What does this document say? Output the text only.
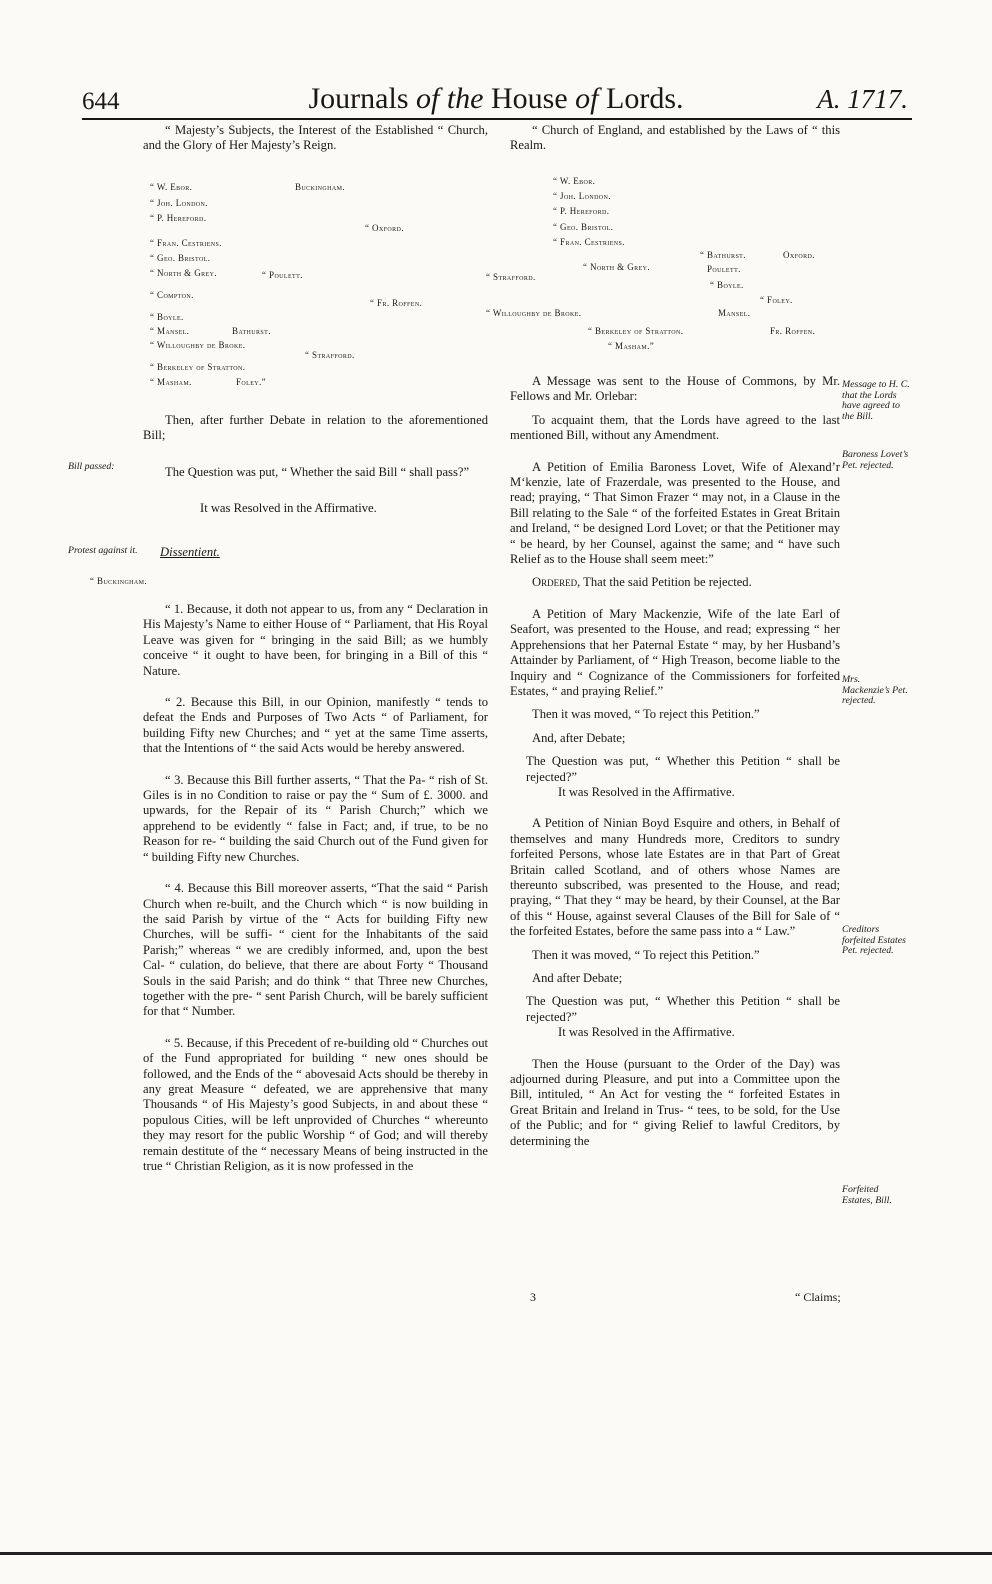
644	Journals of the House of Lords.	A. 1717.

“ Majesty’s Subjects, the Interest of the Established “ Church, and the Glory of Her Majesty’s Reign.

“ W. Ebor.	Buckingham.
“ Joh. London.
“ P. Hereford.
“ Oxford.
“ Fran. Cestriens.
“ Geo. Bristol.
“ North & Grey.	“ Poulett.
“ Compton.
“ Fr. Roffen.
“ Boyle.
“ Mansel.	Bathurst.
“ Willoughby de Broke.
“ Strafford.
“ Berkeley of Stratton.
“ Masham.	Foley.”

Then, after further Debate in relation to the aforementioned Bill;

The Question was put, “ Whether the said Bill “ shall pass?”

It was Resolved in the Affirmative.

Dissentient.

“ Buckingham.

“ 1. Because, it doth not appear to us, from any “ Declaration in His Majesty’s Name to either House of “ Parliament, that His Royal Leave was given for “ bringing in the said Bill; as we humbly conceive “ it ought to have been, for bringing in a Bill of this “ Nature.

“ 2. Because this Bill, in our Opinion, manifestly “ tends to defeat the Ends and Purposes of Two Acts “ of Parliament, for building Fifty new Churches; and “ yet at the same Time asserts, that the Intentions of “ the said Acts would be hereby answered.

“ 3. Because this Bill further asserts, “ That the Pa- “ rish of St. Giles is in no Condition to raise or pay the “ Sum of £. 3000. and upwards, for the Repair of its “ Parish Church;” which we apprehend to be evidently “ false in Fact; and, if true, to be no Reason for re- “ building the said Church out of the Fund given for “ building Fifty new Churches.

“ 4. Because this Bill moreover asserts, “That the said “ Parish Church when re-built, and the Church which “ is now building in the said Parish by virtue of the “ Acts for building Fifty new Churches, will be suffi- “ cient for the Inhabitants of the said Parish;” whereas “ we are credibly informed, and, upon the best Cal- “ culation, do believe, that there are about Forty “ Thousand Souls in the said Parish; and do think “ that Three new Churches, together with the pre- “ sent Parish Church, will be barely sufficient for that “ Number.

“ 5. Because, if this Precedent of re-building old “ Churches out of the Fund appropriated for building “ new ones should be followed, and the Ends of the “ abovesaid Acts should be thereby in any great Measure “ defeated, we are apprehensive that many Thousands “ of His Majesty’s good Subjects, in and about these “ populous Cities, will be left unprovided of Churches “ whereunto they may resort for the public Worship “ of God; and will thereby remain destitute of the “ necessary Means of being instructed in the true “ Christian Religion, as it is now professed in the

Bill passed:
Protest against it.

“ Church of England, and established by the Laws of “ this Realm.

“ W. Ebor.
“ Joh. London.
“ P. Hereford.
“ Geo. Bristol.
“ Fran. Cestriens.
“ Bathurst.	Oxford.
“ North & Grey.	Poulett.
“ Strafford.
“ Boyle.
“ Foley.
“ Willoughby de Broke.	Mansel.
“ Berkeley of Stratton.	Fr. Roffen.
“ Masham.”

A Message was sent to the House of Commons, by Mr. Fellows and Mr. Orlebar:

To acquaint them, that the Lords have agreed to the last mentioned Bill, without any Amendment.

A Petition of Emilia Baroness Lovet, Wife of Alexand’r M‘kenzie, late of Frazerdale, was presented to the House, and read; praying, “ That Simon Frazer “ may not, in a Clause in the Bill relating to the Sale “ of the forfeited Estates in Great Britain and Ireland, “ be designed Lord Lovet; or that the Petitioner may “ be heard, by her Counsel, against the same; and “ have such Relief as to the House shall seem meet:”

Ordered, That the said Petition be rejected.

A Petition of Mary Mackenzie, Wife of the late Earl of Seafort, was presented to the House, and read; expressing “ her Apprehensions that her Paternal Estate “ may, by her Husband’s Attainder by Parliament, of “ High Treason, become liable to the Inquiry and “ Cognizance of the Commissioners for forfeited Estates, “ and praying Relief.”

Then it was moved, “ To reject this Petition.”

And, after Debate;

The Question was put, “ Whether this Petition “ shall be rejected?”

It was Resolved in the Affirmative.

A Petition of Ninian Boyd Esquire and others, in Behalf of themselves and many Hundreds more, Creditors to sundry forfeited Persons, whose late Estates are in that Part of Great Britain called Scotland, and of others whose Names are thereunto subscribed, was presented to the House, and read; praying, “ That they “ may be heard, by their Counsel, at the Bar of this “ House, against several Clauses of the Bill for Sale of “ the forfeited Estates, before the same pass into a “ Law.”

Then it was moved, “ To reject this Petition.”

And after Debate;

The Question was put, “ Whether this Petition “ shall be rejected?”

It was Resolved in the Affirmative.

Then the House (pursuant to the Order of the Day) was adjourned during Pleasure, and put into a Committee upon the Bill, intituled, “ An Act for vesting the “ forfeited Estates in Great Britain and Ireland in Trus- “ tees, to be sold, for the Use of the Public; and for “ giving Relief to lawful Creditors, by determining the

Message to H. C. that the Lords have agreed to the Bill.
Baroness Lovet’s Pet. rejected.
Mrs. Mackenzie’s Pet. rejected.
Creditors forfeited Estates Pet. rejected.
Forfeited Estates, Bill.
3	“ Claims;
